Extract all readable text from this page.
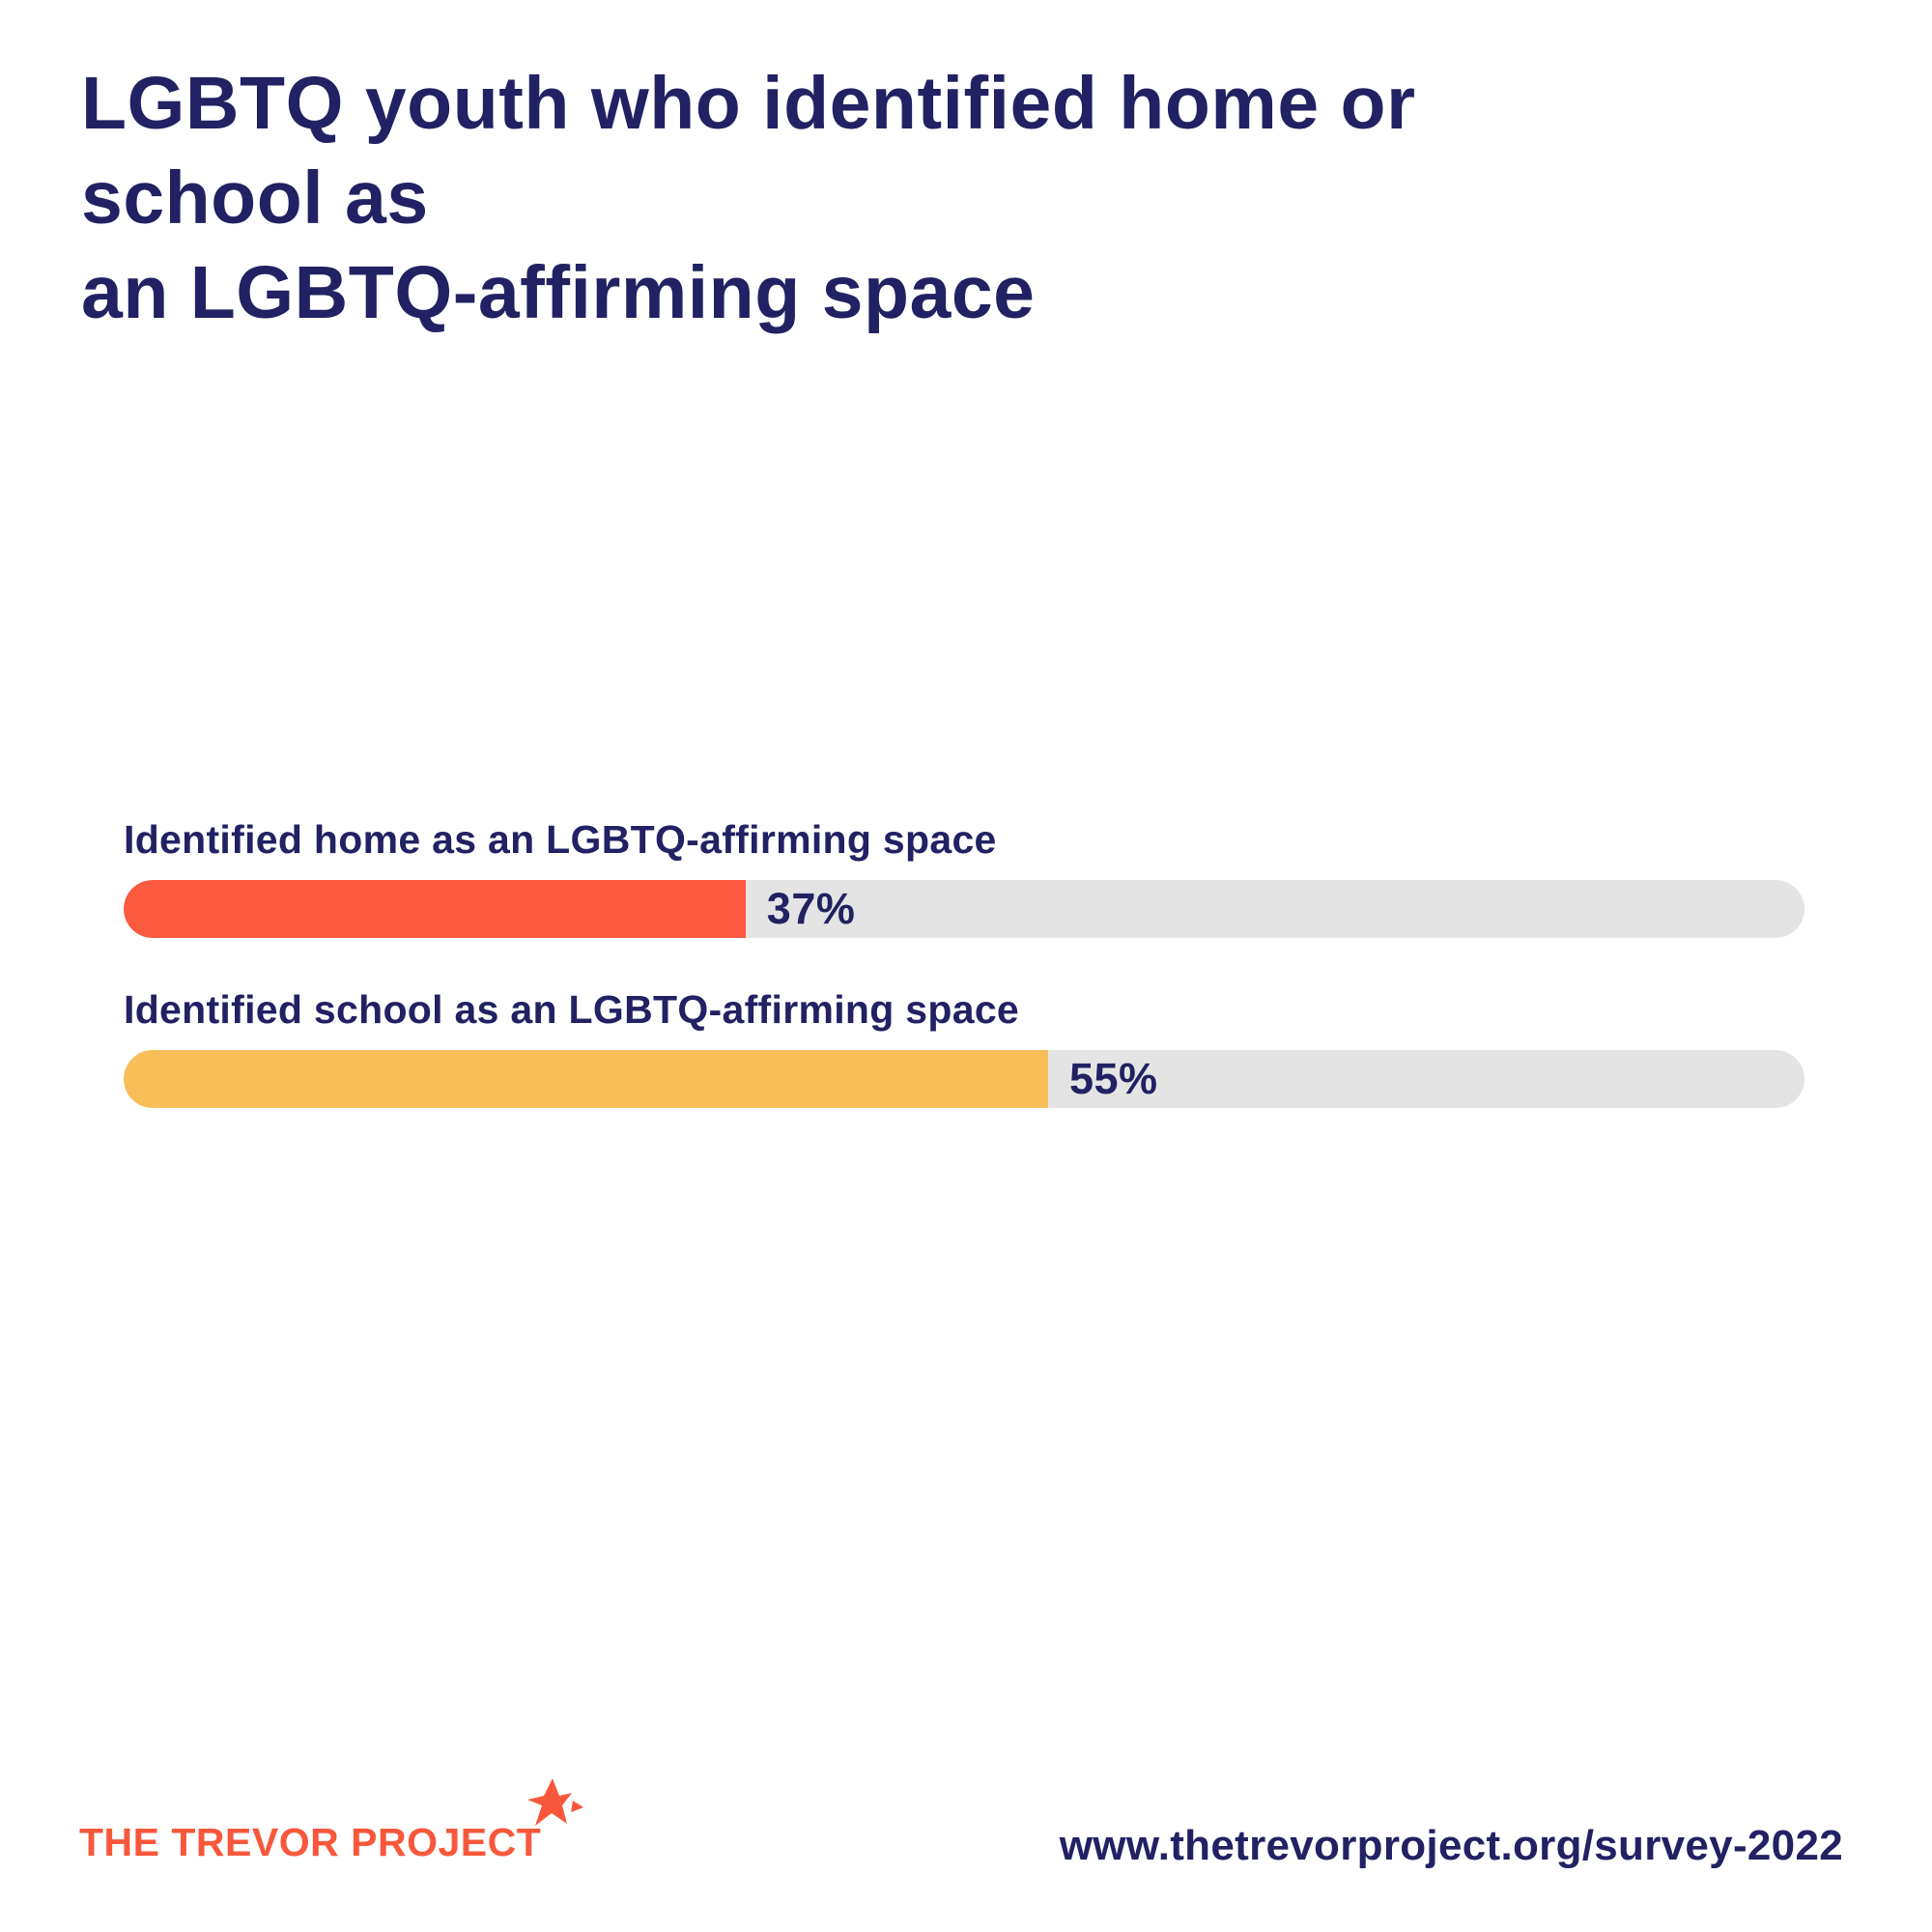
LGBTQ youth who identified home or school as
an LGBTQ-affirming space
Identified home as an LGBTQ-affirming space
37%
Identified school as an LGBTQ-affirming space
55%
THE TREVOR PROJECT	www.thetrevorproject.org/survey-2022
